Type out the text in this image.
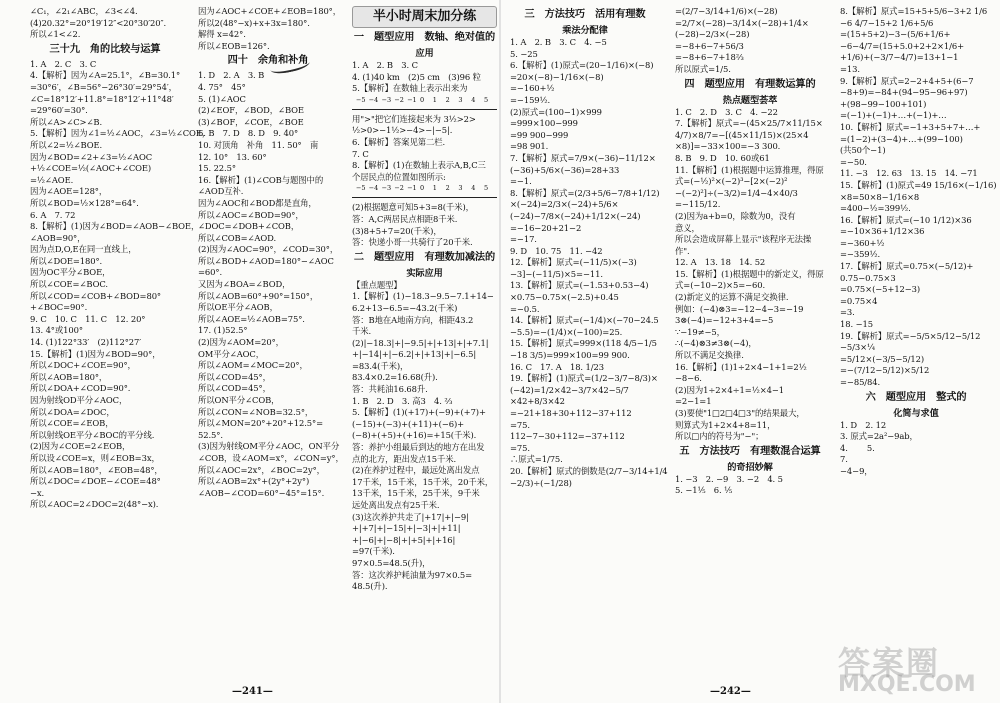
∠C₁，∠2₁∠ABC，∠3<∠4.
(4)20.32°=20°19′12″<20°30′20″.
所以∠1<∠2.
三十九　角的比较与运算
1. A　2. C　3. C
4.【解析】因为∠A=25.1°，∠B=30.1°
=30°6′，∠B=56°−26°30′=29°54′，
∠C=18°12′+11.8°=18°12′+11°48′
=29°60′=30°.
所以∠A>∠C>∠B.
5.【解析】因为∠1=½∠AOC，∠3=½∠COE，
所以∠2=½∠BOE.
因为∠BOD=∠2+∠3=½∠AOC
+½∠COE=½(∠AOC+∠COE)
=½∠AOE.
因为∠AOE=128°，
所以∠BOD=½×128°=64°.
6. A　7. 72
8.【解析】(1)因为∠BOD=∠AOB−∠BOE，
∠AOB=90°，
因为点D,O,E在同一直线上，
所以∠DOE=180°.
因为OC平分∠BOE，
所以∠COE=∠BOC.
所以∠COD=∠COB+∠BOD=80°
+∠BOC=90°.
9. C　10. C　11. C　12. 20°
13. 4°或100°
14. (1)122°33′　(2)112°27′
15.【解析】(1)因为∠BOD=90°，
所以∠DOC+∠COE=90°，
所以∠AOB=180°，
所以∠DOA+∠COD=90°.
因为射线OD平分∠AOC，
所以∠DOA=∠DOC，
所以∠COE=∠EOB，
所以射线OE平分∠BOC的平分线.
(2)因为∠COE=2∠EOB，
所以设∠COE=x，则∠EOB=3x，
所以∠AOB=180°，∠EOB=48°，
所以∠DOC=∠DOE−∠COE=48°
−x.
所以∠AOC=2∠DOC=2(48°−x).
因为∠AOC+∠COE+∠EOB=180°，
所以2(48°−x)+x+3x=180°.
解得 x=42°.
所以∠EOB=126°.
四十　余角和补角
1. D　2. A　3. B
4. 75°　45°
5. (1)∠AOC
(2)∠EOF，∠BOD，∠BOE
(3)∠BOF，∠COE，∠BOE
6. B　7. D　8. D　9. 40°
10. 对顶角　补角　11. 50°　南
12. 10°　13. 60°
15. 22.5°
16.【解析】(1)∠COB与题图中的
∠AOD互补.
因为∠AOC和∠BOD都是直角，
所以∠AOC=∠BOD=90°，
∠DOC=∠DOB+∠COB，
所以∠COB=∠AOD.
(2)因为∠AOC=90°，∠COD=30°，
所以∠BOD+∠AOD=180°−∠AOC
=60°.
又因为∠BOA=∠BOD，
所以∠AOB=60°+90°=150°，
所以OE平分∠AOB，
所以∠AOE=½∠AOB=75°.
17. (1)52.5°
(2)因为∠AOM=20°，
OM平分∠AOC，
所以∠AOM=∠MOC=20°，
所以∠COD=45°，
所以∠COD=45°，
所以ON平分∠COB，
所以∠CON=∠NOB=32.5°，
所以∠MON=20°+20°+12.5°=
52.5°.
(3)因为射线OM平分∠AOC，ON平分
∠COB，设∠AOM=x°，∠CON=y°，
所以∠AOC=2x°，∠BOC=2y°，
所以∠AOB=2x°+(2y°+2y°)
∠AOB−∠COD=60°−45°=15°.
半小时周末加分练
一　题型应用　数轴、绝对值的
应用
1. A　2. B　3. C
4. (1)40 km　(2)5 cm　(3)96 粒
5.【解析】在数轴上表示出来为
−5 −4 −3 −2 −1 0 1 2 3 4 5
用">"把它们连接起来为 3½>2>
½>0>−1½>−4>−|−5|.
6.【解析】答案见第二栏.
7. C
8.【解析】(1)在数轴上表示A,B,C三
个居民点的位置如图所示:
−5 −4 −3 −2 −1 0 1 2 3 4 5
(2)根据题意可知5+3=8(千米)，
答：A,C两居民点相距8千米.
(3)8+5+7=20(千米)，
答：快递小哥一共骑行了20千米.
二　题型应用　有理数加减法的
实际应用
【重点题型】
1.【解析】(1)−18.3−9.5−7.1+14−
6.2+13−6.5=−43.2(千米)
答：B地在A地南方向，相距43.2
千米.
(2)|−18.3|+|−9.5|+|+13|+|+7.1|
+|−14|+|−6.2|+|+13|+|−6.5|
=83.4(千米)，
83.4×0.2=16.68(升).
答：共耗油16.68升.
1. B　2. D　3. 高3　4. ⅔
5.【解析】(1)(+17)+(−9)+(+7)+
(−15)+(−3)+(+11)+(−6)+
(−8)+(+5)+(+16)=+15(千米).
答：养护小组最后到达的地方在出发
点的北方，距出发点15千米.
(2)在养护过程中，最远处离出发点
17千米，15千米，15千米，20千米，
13千米，15千米，25千米，9千米
远处离出发点有25千米.
(3)这次养护共走了|+17|+|−9|
+|+7|+|−15|+|−3|+|+11|
+|−6|+|−8|+|+5|+|+16|
=97(千米).
97×0.5=48.5(升)，
答：这次养护耗油量为97×0.5=
48.5(升).
—241—
三　方法技巧　活用有理数
乘法分配律
1. A　2. B　3. C　4. −5
5. −25
6.【解析】(1)原式=(20−1/16)×(−8)
=20×(−8)−1/16×(−8)
=−160+½
=−159½.
(2)原式=(100−1)×999
=999×100−999
=99 900−999
=98 901.
7.【解析】原式=7/9×(−36)−11/12×
(−36)+5/6×(−36)=28+33
=−1.
8.【解析】原式=(2/3+5/6−7/8+1/12)
×(−24)=2/3×(−24)+5/6×
(−24)−7/8×(−24)+1/12×(−24)
=−16−20+21−2
=−17.
9. D　10. 75　11. −42
12.【解析】原式=(−11/5)×(−3)
−3]−(−11/5)×5=−11.
13.【解析】原式=(−1.53+0.53−4)
×0.75−0.75×(−2.5)+0.45
=−0.5.
14.【解析】原式=(−1/4)×(−70−24.5
−5.5)=−(1/4)×(−100)=25.
15.【解析】原式=999×(118 4/5−1/5
−18 3/5)=999×100=99 900.
16. C　17. A　18. 1/23
19.【解析】(1)原式=(1/2−3/7−8/3)×
(−42)=1/2×42−3/7×42−5/7
×42+8/3×42
=−21+18+30+112−37+112
=75.
112−7−30+112=−37+112
=75.
∴原式=1/75.
20.【解析】原式的倒数是(2/7−3/14+1/4
−2/3)÷(−1/28)
=(2/7−3/14+1/6)×(−28)
=2/7×(−28)−3/14×(−28)+1/4×
(−28)−2/3×(−28)
=−8+6−7+56/3
=−8+6−7+18⅔
所以原式=1/5.
四　题型应用　有理数运算的
热点题型荟萃
1. C　2. D　3. C　4. −22
7.【解析】原式=−(45×25/7×11/15×
4/7)×8/7=−[(45×11/15)×(25×4
×8)]=−33×100=−3 300.
8. B　9. D　10. 60或61
11.【解析】(1)根据题中运算推理，得原
式=(−½)²×(−2)³−[2×(−2)²
−(−2)²]÷(−3/2)=1/4−4×40/3
=−115/12.
(2)因为a+b=0，除数为0，没有
意义，
所以会造成屏幕上显示"该程序无法操
作".
12. A　13. 18　14. 52
15.【解析】(1)根据题中的新定义，得原
式=(−10−2)×5=−60.
(2)新定义的运算不满足交换律.
例如：(−4)⊗3=−12−4−3=−19
3⊗(−4)=−12+3+4=−5
∵−19≠−5，
∴(−4)⊗3≠3⊗(−4)，
所以不满足交换律.
16.【解析】(1)1÷2×4−1+1=2½
−8−6.
(2)因为1÷2×4÷1=½×4−1
=2−1=1
(3)要使"1□2□4□3"的结果最大，
则算式为1+2×4+8=11，
所以□内的符号为"−"；
五　方法技巧　有理数混合运算
的奇招妙解
1. −3　2. −9　3. −2　4. 5
5. −1⅕　6. ⅕
8.【解析】原式=15+5+5/6−3+2 1/6
−6 4/7−15+2 1/6+5/6
=(15+5+2)−3−(5/6+1/6+
−6−4/7=(15+5.0+2+2×1/6+
+1/6)+(−3/7−4/7)=13+1−1
=13.
9.【解析】原式=2−2+4+5+(6−7
−8+9)=−84+(94−95−96+97)
+(98−99−100+101)
=(−1)+(−1)+…+(−1)+…
10.【解析】原式=−1+3+5+7+…+
=(1−2)+(3−4)+…+(99−100)
(共50个−1)
=−50.
11. −3　12. 63　13. 15　14. −71
15.【解析】(1)原式=49 15/16×(−1/16)
×8=50×8−1/16×8
=400−½=399½.
16.【解析】原式=(−10 1/12)×36
=−10×36+1/12×36
=−360+½
=−359½.
17.【解析】原式=0.75×(−5/12)+
0.75−0.75×3
=0.75×(−5+12−3)
=0.75×4
=3.
18. −15
19.【解析】原式=−5/5×5/12−5/12
−5/3×¼
=5/12×(−3/5−5/12)
=−(7/12−5/12)×5/12
=−85/84.
六　题型应用　整式的
化简与求值
1. D　2. 12
3. 原式=2a²−9ab，
4. 　　5. 　　
7.
−4−9，
—242—
答案圈
MXQE.COM
